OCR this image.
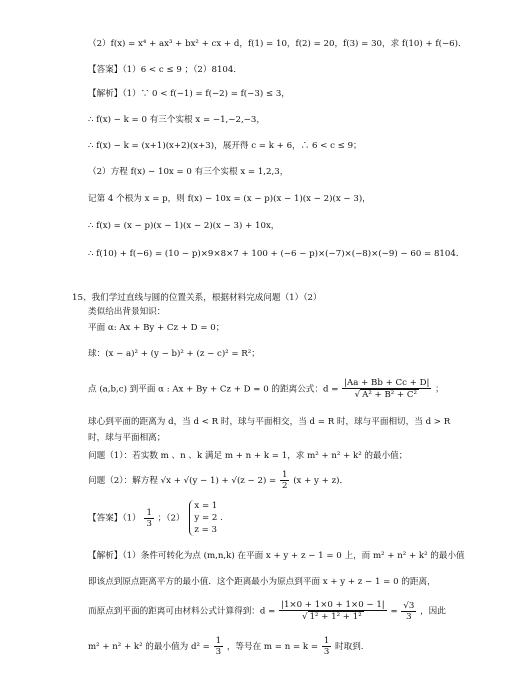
（2）f(x) = x⁴ + ax³ + bx² + cx + d，f(1) = 10，f(2) = 20，f(3) = 30，求 f(10) + f(−6)．
【答案】（1）6 < c ≤ 9 ；（2）8104．
【解析】（1）∵ 0 < f(−1) = f(−2) = f(−3) ≤ 3，
∴ f(x) − k = 0 有三个实根 x = −1,−2,−3，
∴ f(x) − k = (x+1)(x+2)(x+3)，展开得 c = k + 6，∴ 6 < c ≤ 9；
（2）方程 f(x) − 10x = 0 有三个实根 x = 1,2,3，
记第 4 个根为 x = p，则 f(x) − 10x = (x − p)(x − 1)(x − 2)(x − 3)，
∴ f(x) = (x − p)(x − 1)(x − 2)(x − 3) + 10x，
∴ f(10) + f(−6) = (10 − p)×9×8×7 + 100 + (−6 − p)×(−7)×(−8)×(−9) − 60 = 8104．
15、我们学过直线与圆的位置关系，根据材料完成问题（1）（2）
类似给出背景知识：
平面 α: Ax + By + Cz + D = 0；
球：(x − a)² + (y − b)² + (z − c)² = R²；
点 (a,b,c) 到平面 α : Ax + By + Cz + D = 0 的距离公式：$d = \frac{|Aa + Bb + Cc + D|}{\text{√ A² + B² + C²}}$ ；
球心到平面的距离为 d，当 d < R 时，球与平面相交，当 d = R 时，球与平面相切，当 d > R
时，球与平面相离；
问题（1）：若实数 m 、n 、k 满足 m + n + k = 1，求 m² + n² + k² 的最小值；
问题（2）：解方程 $√x + √(y - 1) + √(z - 2) = \frac{1}{2} (x + y + z)$．
【答案】$(1) \frac{1}{3}$ ；（2）
x = 1
y = 2 .
z = 3
【解析】（1）条件可转化为点 (m,n,k) 在平面 x + y + z − 1 = 0 上，而 m² + n² + k² 的最小值
即该点到原点距离平方的最小值．这个距离最小为原点到平面 x + y + z − 1 = 0 的距离，
而原点到平面的距离可由材料公式计算得到：$d = \frac{|1\times 0 + 1\times 0 + 1\times 0 - 1|}{\text{√ 1² + 1² + 1²}} = \frac{√3}{3}$ ，因此
m² + n² + k² 的最小值为 $d^2 = \frac{1}{3}$ ，等号在 $m = n = k = \frac{1}{3}$ 时取到.
